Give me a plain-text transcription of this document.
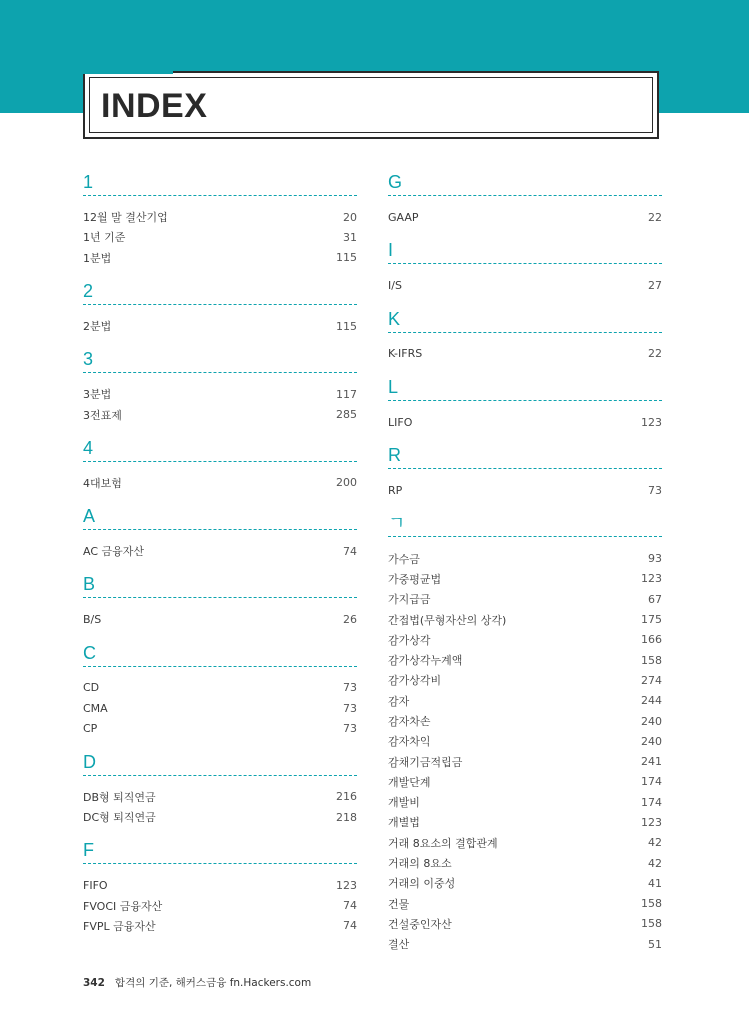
INDEX
1
12월 말 결산기업	20
1년 기준	31
1분법	115
2
2분법	115
3
3분법	117
3전표제	285
4
4대보험	200
A
AC 금융자산	74
B
B/S	26
C
CD	73
CMA	73
CP	73
D
DB형 퇴직연금	216
DC형 퇴직연금	218
F
FIFO	123
FVOCI 금융자산	74
FVPL 금융자산	74
G
GAAP	22
I
I/S	27
K
K-IFRS	22
L
LIFO	123
R
RP	73
ㄱ
가수금	93
가중평균법	123
가지급금	67
간접법(무형자산의 상각)	175
감가상각	166
감가상각누계액	158
감가상각비	274
감자	244
감자차손	240
감자차익	240
감채기금적립금	241
개발단계	174
개발비	174
개별법	123
거래 8요소의 결합관계	42
거래의 8요소	42
거래의 이중성	41
건물	158
건설중인자산	158
결산	51
342 합격의 기준, 해커스금융 fn.Hackers.com
